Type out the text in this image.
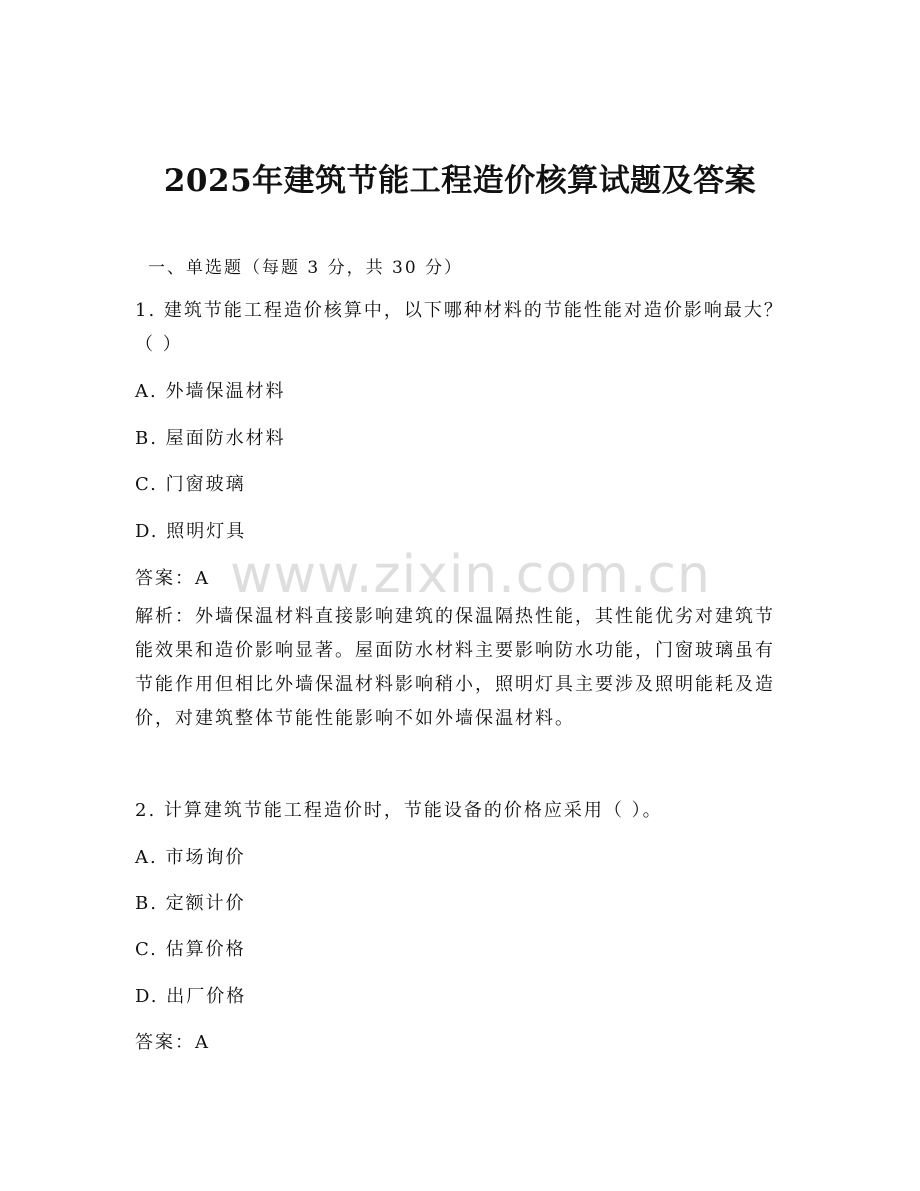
2025年建筑节能工程造价核算试题及答案
一、单选题（每题 3 分，共 30 分）
1. 建筑节能工程造价核算中，以下哪种材料的节能性能对造价影响最大？（ ）
A. 外墙保温材料
B. 屋面防水材料
C. 门窗玻璃
D. 照明灯具
答案：A
解析：外墙保温材料直接影响建筑的保温隔热性能，其性能优劣对建筑节能效果和造价影响显著。屋面防水材料主要影响防水功能，门窗玻璃虽有节能作用但相比外墙保温材料影响稍小，照明灯具主要涉及照明能耗及造价，对建筑整体节能性能影响不如外墙保温材料。
2. 计算建筑节能工程造价时，节能设备的价格应采用（ ）。
A. 市场询价
B. 定额计价
C. 估算价格
D. 出厂价格
答案：A
www.zixin.com.cn
